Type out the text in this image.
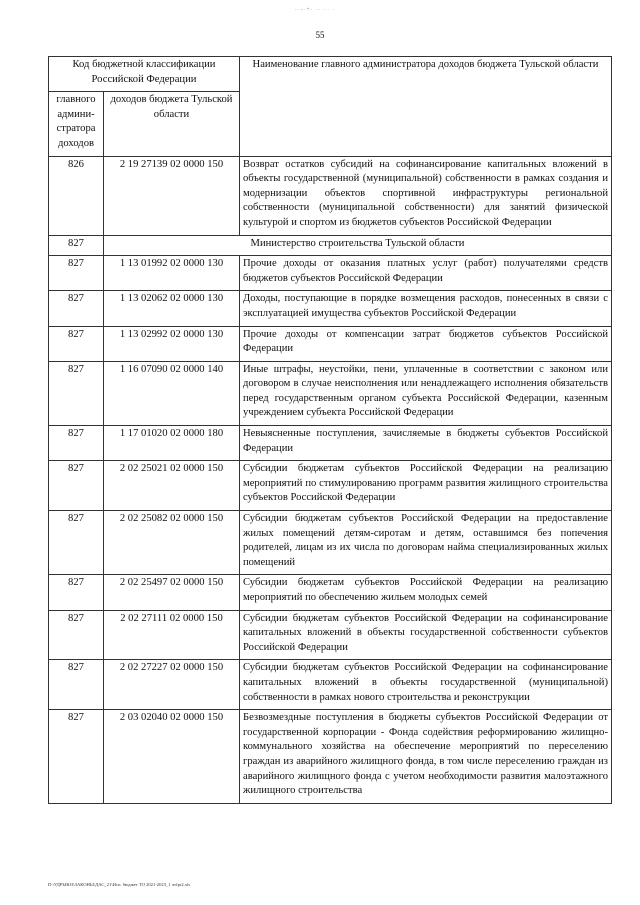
-·~·*- ·- ··· ·
55
Код бюджетной классификации Российской Федерации		Наименование главного администратора доходов бюджета Тульской области
главного админи-стратора доходов	доходов бюджета Тульской области	
826	2 19 27139 02 0000 150	Возврат остатков субсидий на софинансирование капитальных вложений в объекты государственной (муниципальной) собственности в рамках создания и модернизации объектов спортивной инфраструктуры региональной собственности (муниципальной собственности) для занятий физической культурой и спортом из бюджетов субъектов Российской Федерации
827	Министерство строительства Тульской области	
827	1 13 01992 02 0000 130	Прочие доходы от оказания платных услуг (работ) получателями средств бюджетов субъектов Российской Федерации
827	1 13 02062 02 0000 130	Доходы, поступающие в порядке возмещения расходов, понесенных в связи с эксплуатацией имущества субъектов Российской Федерации
827	1 13 02992 02 0000 130	Прочие доходы от компенсации затрат бюджетов субъектов Российской Федерации
827	1 16 07090 02 0000 140	Иные штрафы, неустойки, пени, уплаченные в соответствии с законом или договором в случае неисполнения или ненадлежащего исполнения обязательств перед государственным органом субъекта Российской Федерации, казенным учреждением субъекта Российской Федерации
827	1 17 01020 02 0000 180	Невыясненные поступления, зачисляемые в бюджеты субъектов Российской Федерации
827	2 02 25021 02 0000 150	Субсидии бюджетам субъектов Российской Федерации на реализацию мероприятий по стимулированию программ развития жилищного строительства субъектов Российской Федерации
827	2 02 25082 02 0000 150	Субсидии бюджетам субъектов Российской Федерации на предоставление жилых помещений детям-сиротам и детям, оставшимся без попечения родителей, лицам из их числа по договорам найма специализированных жилых помещений
827	2 02 25497 02 0000 150	Субсидии бюджетам субъектов Российской Федерации на реализацию мероприятий по обеспечению жильем молодых семей
827	2 02 27111 02 0000 150	Субсидии бюджетам субъектов Российской Федерации на софинансирование капитальных вложений в объекты государственной собственности субъектов Российской Федерации
827	2 02 27227 02 0000 150	Субсидии бюджетам субъектов Российской Федерации на софинансирование капитальных вложений в объекты государственной (муниципальной) собственности в рамках нового строительства и реконструкции
827	2 03 02040 02 0000 150	Безвозмездные поступления в бюджеты субъектов Российской Федерации от государственной корпорации - Фонда содействия реформированию жилищно-коммунального хозяйства на обеспечение мероприятий по переселению граждан из аварийного жилищного фонда, в том числе переселению граждан из аварийного жилищного фонда с учетом необходимости развития малоэтажного жилищного строительства
D:\УДРЫЮЗ\ЗАКОНЫ\ДАС_21\Исп. бюджет ТО 2021-2023_1 чтfpr2.xls
